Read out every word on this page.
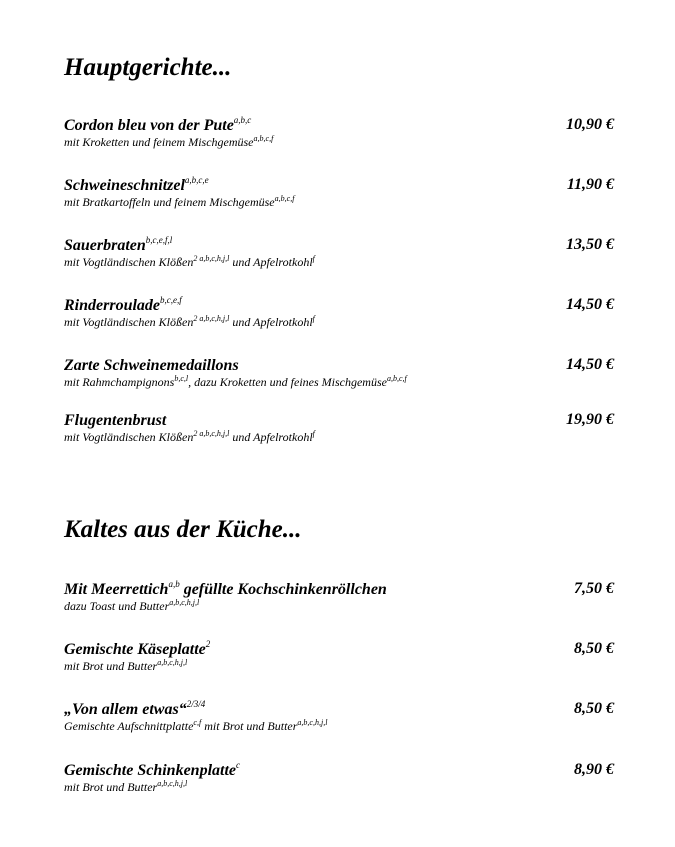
Hauptgerichte...
Cordon bleu von der Pute$^{a,b,c}$
mit Kroketten und feinem Mischgemüse$^{a,b,c,f}$
10,90 €
Schweineschnitzel$^{a,b,c,e}$
mit Bratkartoffeln und feinem Mischgemüse$^{a,b,c,f}$
11,90 €
Sauerbraten$^{b,c,e,f,l}$
mit Vogtländischen Klößen$^{2 a,b,c,h,j,l}$ und Apfelrotkohl$^f$
13,50 €
Rinderroulade$^{b,c,e,f}$
mit Vogtländischen Klößen$^{2 a,b,c,h,j,l}$ und Apfelrotkohl$^f$
14,50 €
Zarte Schweinemedaillons
mit Rahmchampignons$^{b,c,l}$, dazu Kroketten und feines Mischgemüse$^{a,b,c,f}$
14,50 €
Flugentenbrust
mit Vogtländischen Klößen$^{2 a,b,c,h,j,l}$ und Apfelrotkohl$^f$
19,90 €
Kaltes aus der Küche...
Mit Meerrettich$^{a,b}$ gefüllte Kochschinkenröllchen
dazu Toast und Butter$^{a,b,c,h,j,l}$
7,50 €
Gemischte Käseplatte$^2$
mit Brot und Butter$^{a,b,c,h,j,l}$
8,50 €
„Von allem etwas“$^{2/3/4}$
Gemischte Aufschnittplatte$^{c,f}$ mit Brot und Butter$^{a,b,c,h,j,l}$
8,50 €
Gemischte Schinkenplatte$^c$
mit Brot und Butter$^{a,b,c,h,j,l}$
8,90 €
